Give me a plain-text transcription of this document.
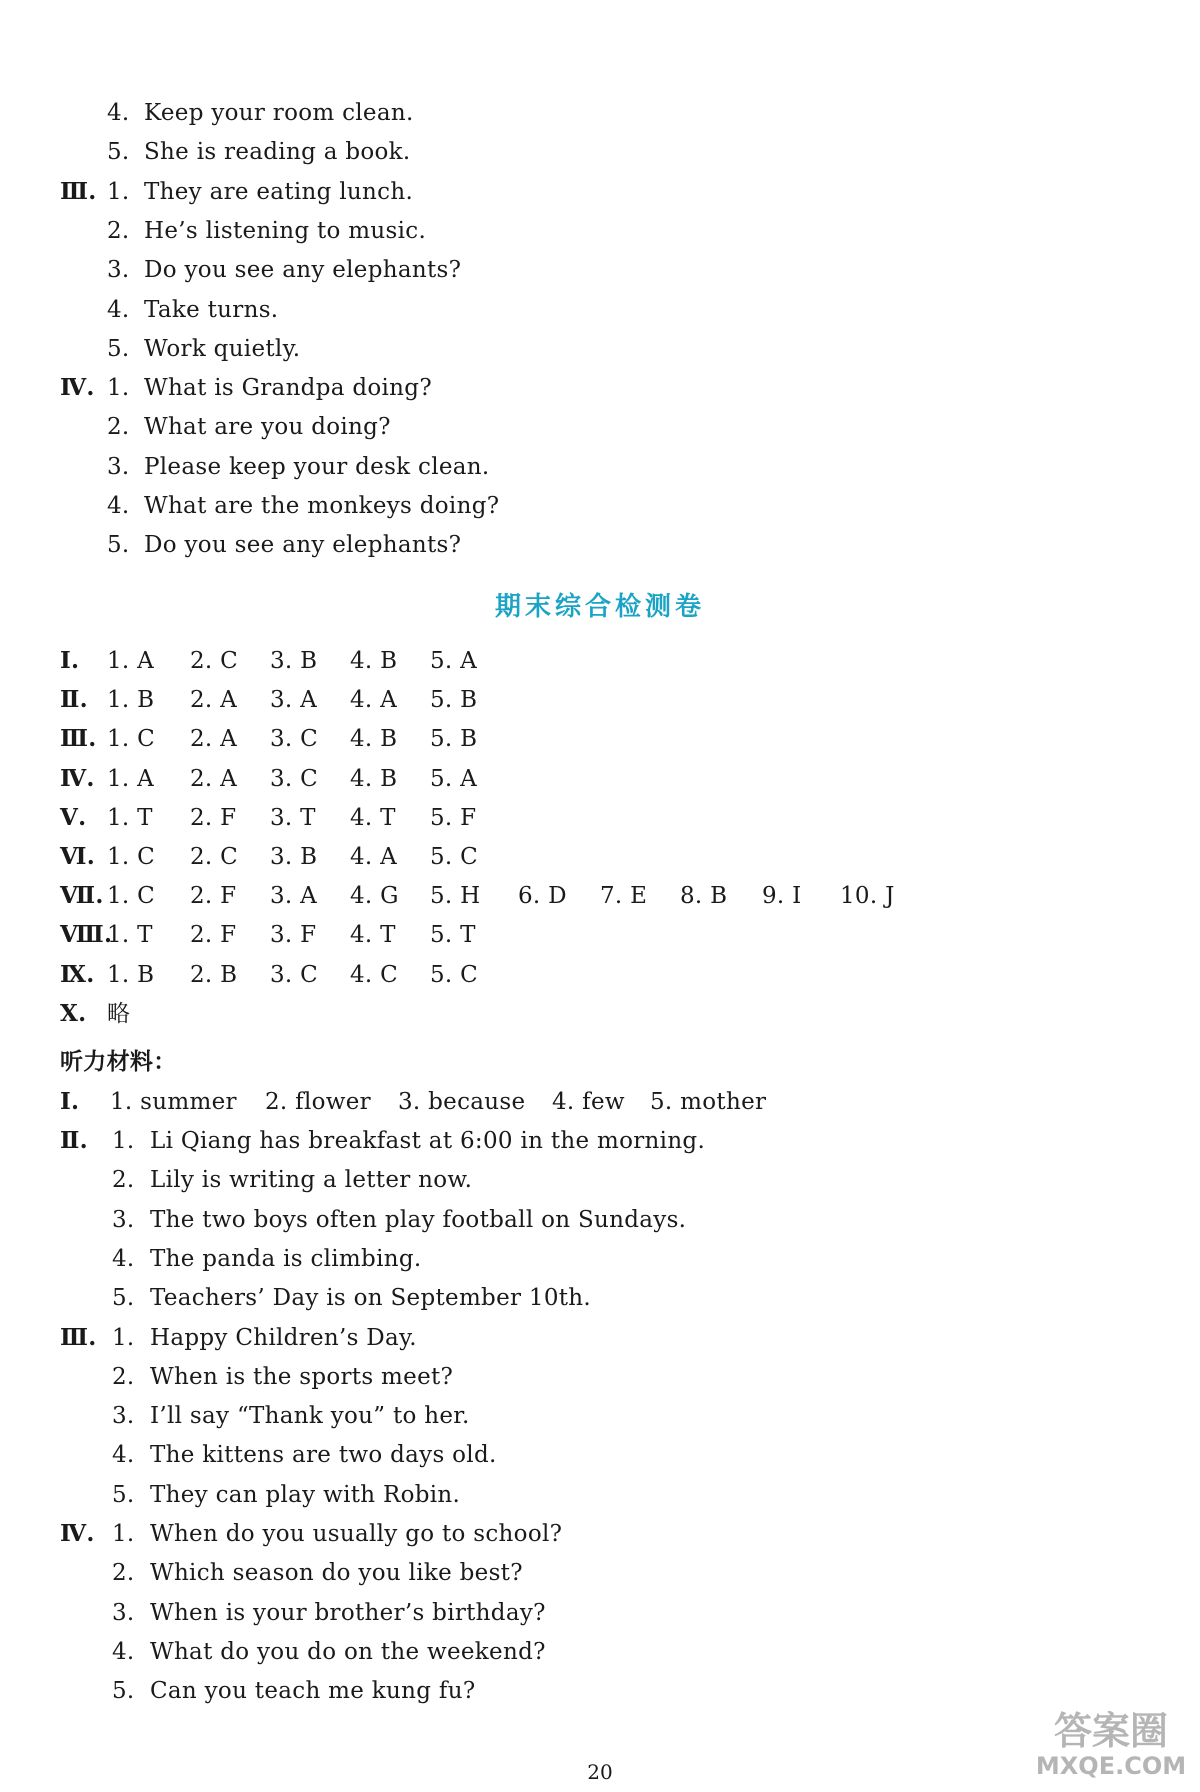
4. Keep your room clean.
5. She is reading a book.
Ⅲ. 1. They are eating lunch.
2. He’s listening to music.
3. Do you see any elephants?
4. Take turns.
5. Work quietly.
Ⅳ. 1. What is Grandpa doing?
2. What are you doing?
3. Please keep your desk clean.
4. What are the monkeys doing?
5. Do you see any elephants?
期末综合检测卷
Ⅰ. 1. A 2. C 3. B 4. B 5. A
Ⅱ. 1. B 2. A 3. A 4. A 5. B
Ⅲ. 1. C 2. A 3. C 4. B 5. B
Ⅳ. 1. A 2. A 3. C 4. B 5. A
Ⅴ. 1. T 2. F 3. T 4. T 5. F
Ⅵ. 1. C 2. C 3. B 4. A 5. C
Ⅶ. 1. C 2. F 3. A 4. G 5. H 6. D 7. E 8. B 9. I 10. J
Ⅷ.
1. T 2. F 3. F 4. T 5. T
Ⅸ. 1. B 2. B 3. C 4. C 5. C
Ⅹ. 略
听力材料：
Ⅰ. 1. summer 2. flower 3. because 4. few 5. mother
Ⅱ. 1. Li Qiang has breakfast at 6:00 in the morning.
2. Lily is writing a letter now.
3. The two boys often play football on Sundays.
4. The panda is climbing.
5. Teachers’ Day is on September 10th.
Ⅲ. 1. Happy Children’s Day.
2. When is the sports meet?
3. I’ll say “Thank you” to her.
4. The kittens are two days old.
5. They can play with Robin.
Ⅳ. 1. When do you usually go to school?
2. Which season do you like best?
3. When is your brother’s birthday?
4. What do you do on the weekend?
5. Can you teach me kung fu?
20
答案圈
MXQE.COM
